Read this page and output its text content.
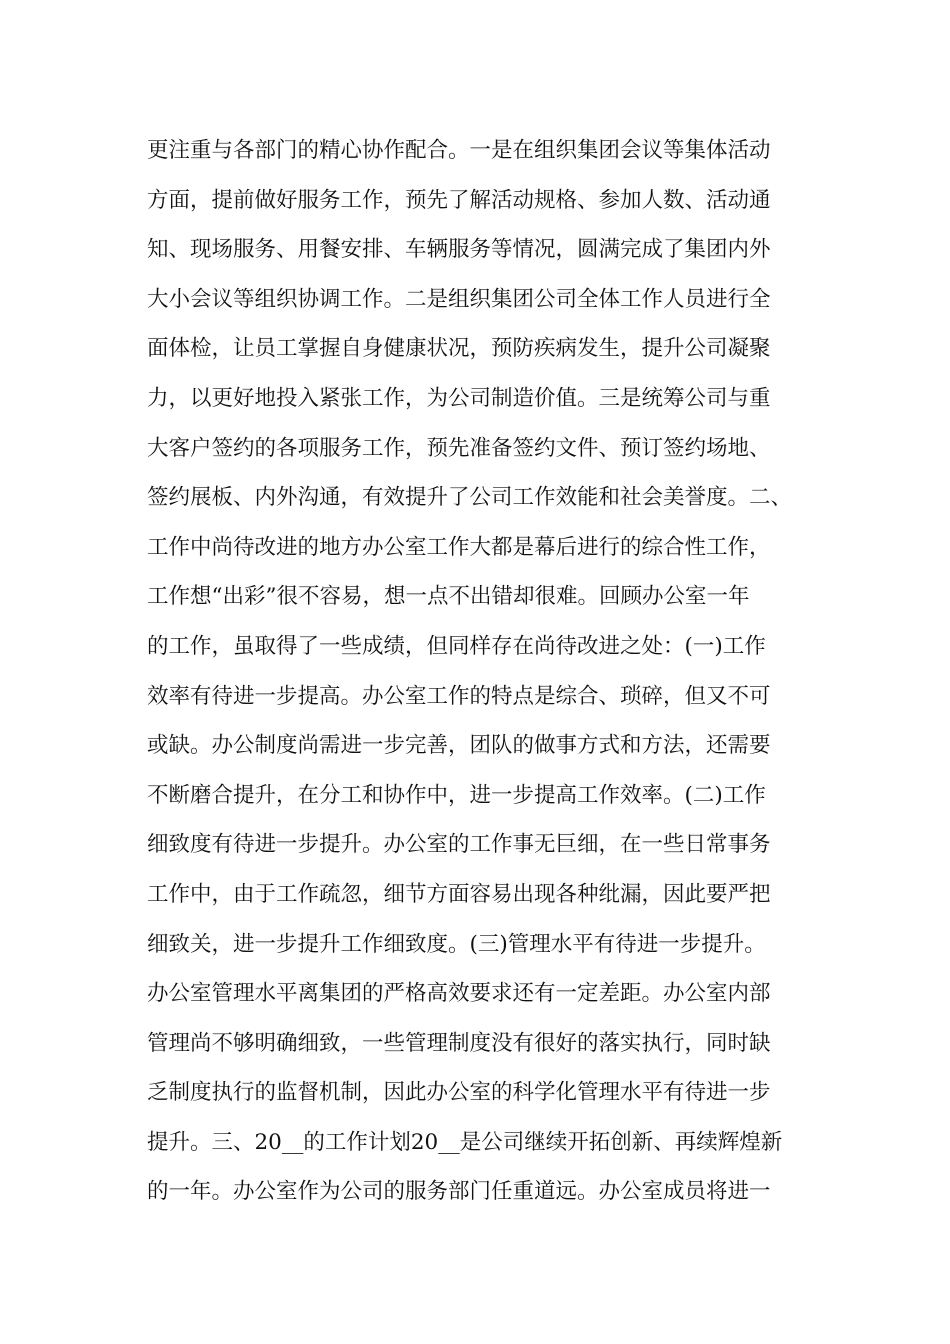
更注重与各部门的精心协作配合。一是在组织集团会议等集体活动
方面，提前做好服务工作，预先了解活动规格、参加人数、活动通
知、现场服务、用餐安排、车辆服务等情况，圆满完成了集团内外
大小会议等组织协调工作。二是组织集团公司全体工作人员进行全
面体检，让员工掌握自身健康状况，预防疾病发生，提升公司凝聚
力，以更好地投入紧张工作，为公司制造价值。三是统筹公司与重
大客户签约的各项服务工作，预先准备签约文件、预订签约场地、
签约展板、内外沟通，有效提升了公司工作效能和社会美誉度。二、
工作中尚待改进的地方办公室工作大都是幕后进行的综合性工作，
工作想“出彩”很不容易，想一点不出错却很难。回顾办公室一年
的工作，虽取得了一些成绩，但同样存在尚待改进之处：(一)工作
效率有待进一步提高。办公室工作的特点是综合、琐碎，但又不可
或缺。办公制度尚需进一步完善，团队的做事方式和方法，还需要
不断磨合提升，在分工和协作中，进一步提高工作效率。(二)工作
细致度有待进一步提升。办公室的工作事无巨细，在一些日常事务
工作中，由于工作疏忽，细节方面容易出现各种纰漏，因此要严把
细致关，进一步提升工作细致度。(三)管理水平有待进一步提升。
办公室管理水平离集团的严格高效要求还有一定差距。办公室内部
管理尚不够明确细致，一些管理制度没有很好的落实执行，同时缺
乏制度执行的监督机制，因此办公室的科学化管理水平有待进一步
提升。三、20__的工作计划20__是公司继续开拓创新、再续辉煌新
的一年。办公室作为公司的服务部门任重道远。办公室成员将进一
